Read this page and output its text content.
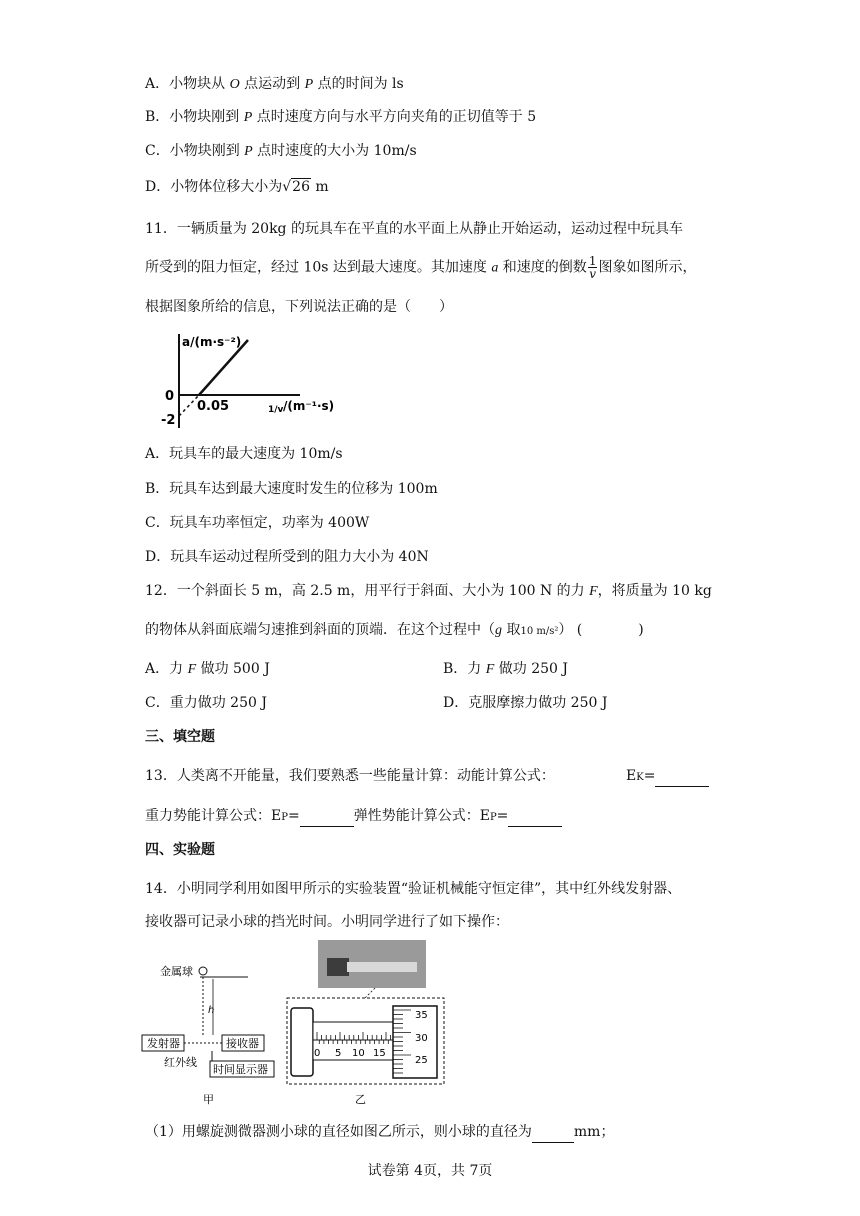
A．小物块从 O 点运动到 P 点的时间为 ls
B．小物块刚到 P 点时速度方向与水平方向夹角的正切值等于 5
C．小物块刚到 P 点时速度的大小为 10m/s
D．小物体位移大小为√26 m
11．一辆质量为 20kg 的玩具车在平直的水平面上从静止开始运动，运动过程中玩具车
所受到的阻力恒定，经过 10s 达到最大速度。其加速度 a 和速度的倒数 $\frac{1}{v}$ 图象如图所示，
根据图象所给的信息，下列说法正确的是（　　）
a/(m·s⁻²)
0
-2
0.05	1/v /(m⁻¹·s)
A．玩具车的最大速度为 10m/s
B．玩具车达到最大速度时发生的位移为 100m
C．玩具车功率恒定，功率为 400W
D．玩具车运动过程所受到的阻力大小为 40N
12．一个斜面长 5 m，高 2.5 m，用平行于斜面、大小为 100 N 的力 F，将质量为 10 kg
的物体从斜面底端匀速推到斜面的顶端．在这个过程中（g 取10 m/s²） (　　　　)
A．力 F 做功 500 J	B．力 F 做功 250 J
C．重力做功 250 J	D．克服摩擦力做功 250 J
三、填空题
13．人类离不开能量，我们要熟悉一些能量计算：动能计算公式：	EK=
重力势能计算公式：EP=	弹性势能计算公式：EP=
四、实验题
14．小明同学利用如图甲所示的实验装置“验证机械能守恒定律”，其中红外线发射器、
接收器可记录小球的挡光时间。小明同学进行了如下操作：
金属球
h
发射器	接收器
红外线
时间显示器
甲
0 5 10 15
35
30
25
乙
（1）用螺旋测微器测小球的直径如图乙所示，则小球的直径为	mm；
试卷第 4页，共 7页
